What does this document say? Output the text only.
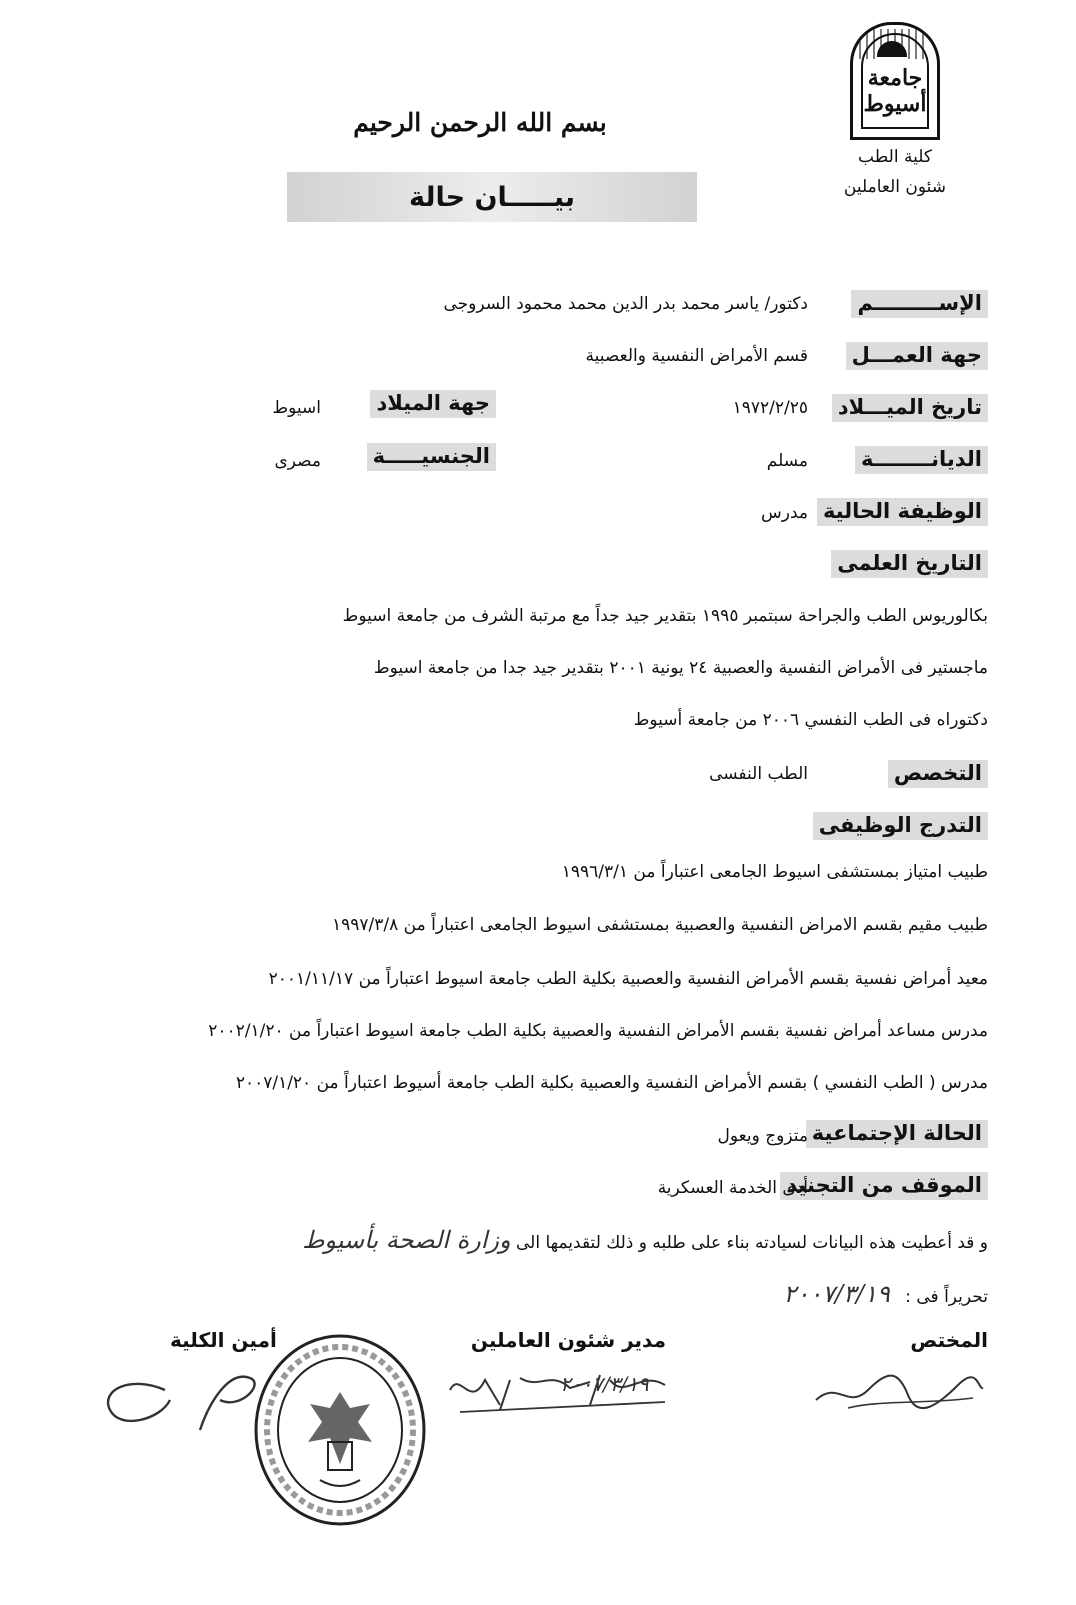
جامعة أسيوط
كلية الطب
شئون العاملين
بسم الله الرحمن الرحيم
بيـــــان حالة
الإســـــــــم
دكتور/ ياسر محمد بدر الدين محمد محمود السروجى
جهة العمـــل
قسم الأمراض النفسية والعصبية
تاريخ الميـــلاد
١٩٧٢/٢/٢٥
جهة الميلاد
اسيوط
الديانــــــــة
مسلم
الجنسيـــــة
مصرى
الوظيفة الحالية
مدرس
التاريخ العلمى
بكالوريوس الطب والجراحة سبتمبر ١٩٩٥ بتقدير جيد جداً مع مرتبة الشرف من جامعة اسيوط
ماجستير فى الأمراض النفسية والعصبية ٢٤ يونية ٢٠٠١ بتقدير جيد جدا من جامعة اسيوط
دكتوراه فى الطب النفسي ٢٠٠٦ من جامعة أسيوط
التخصص
الطب النفسى
التدرج الوظيفى
طبيب امتياز بمستشفى اسيوط الجامعى اعتباراً من ١٩٩٦/٣/١
طبيب مقيم بقسم الامراض النفسية والعصبية بمستشفى اسيوط الجامعى اعتباراً من ١٩٩٧/٣/٨
معيد أمراض نفسية بقسم الأمراض النفسية والعصبية بكلية الطب جامعة اسيوط اعتباراً من ٢٠٠١/١١/١٧
مدرس مساعد أمراض نفسية بقسم الأمراض النفسية والعصبية بكلية الطب جامعة اسيوط اعتباراً من ٢٠٠٢/١/٢٠
مدرس ( الطب النفسي ) بقسم الأمراض النفسية والعصبية بكلية الطب جامعة أسيوط اعتباراً من ٢٠٠٧/١/٢٠
الحالة الإجتماعية
متزوج ويعول
الموقف من التجنيد
أدى الخدمة العسكرية
و قد أعطيت هذه البيانات لسيادته بناء على طلبه و ذلك لتقديمها الى وزارة الصحة بأسيوط
تحريراً فى : ٢٠٠٧/٣/١٩
المختص
مدير شئون العاملين
أمين الكلية
٢٠٠٧/٣/١٩
